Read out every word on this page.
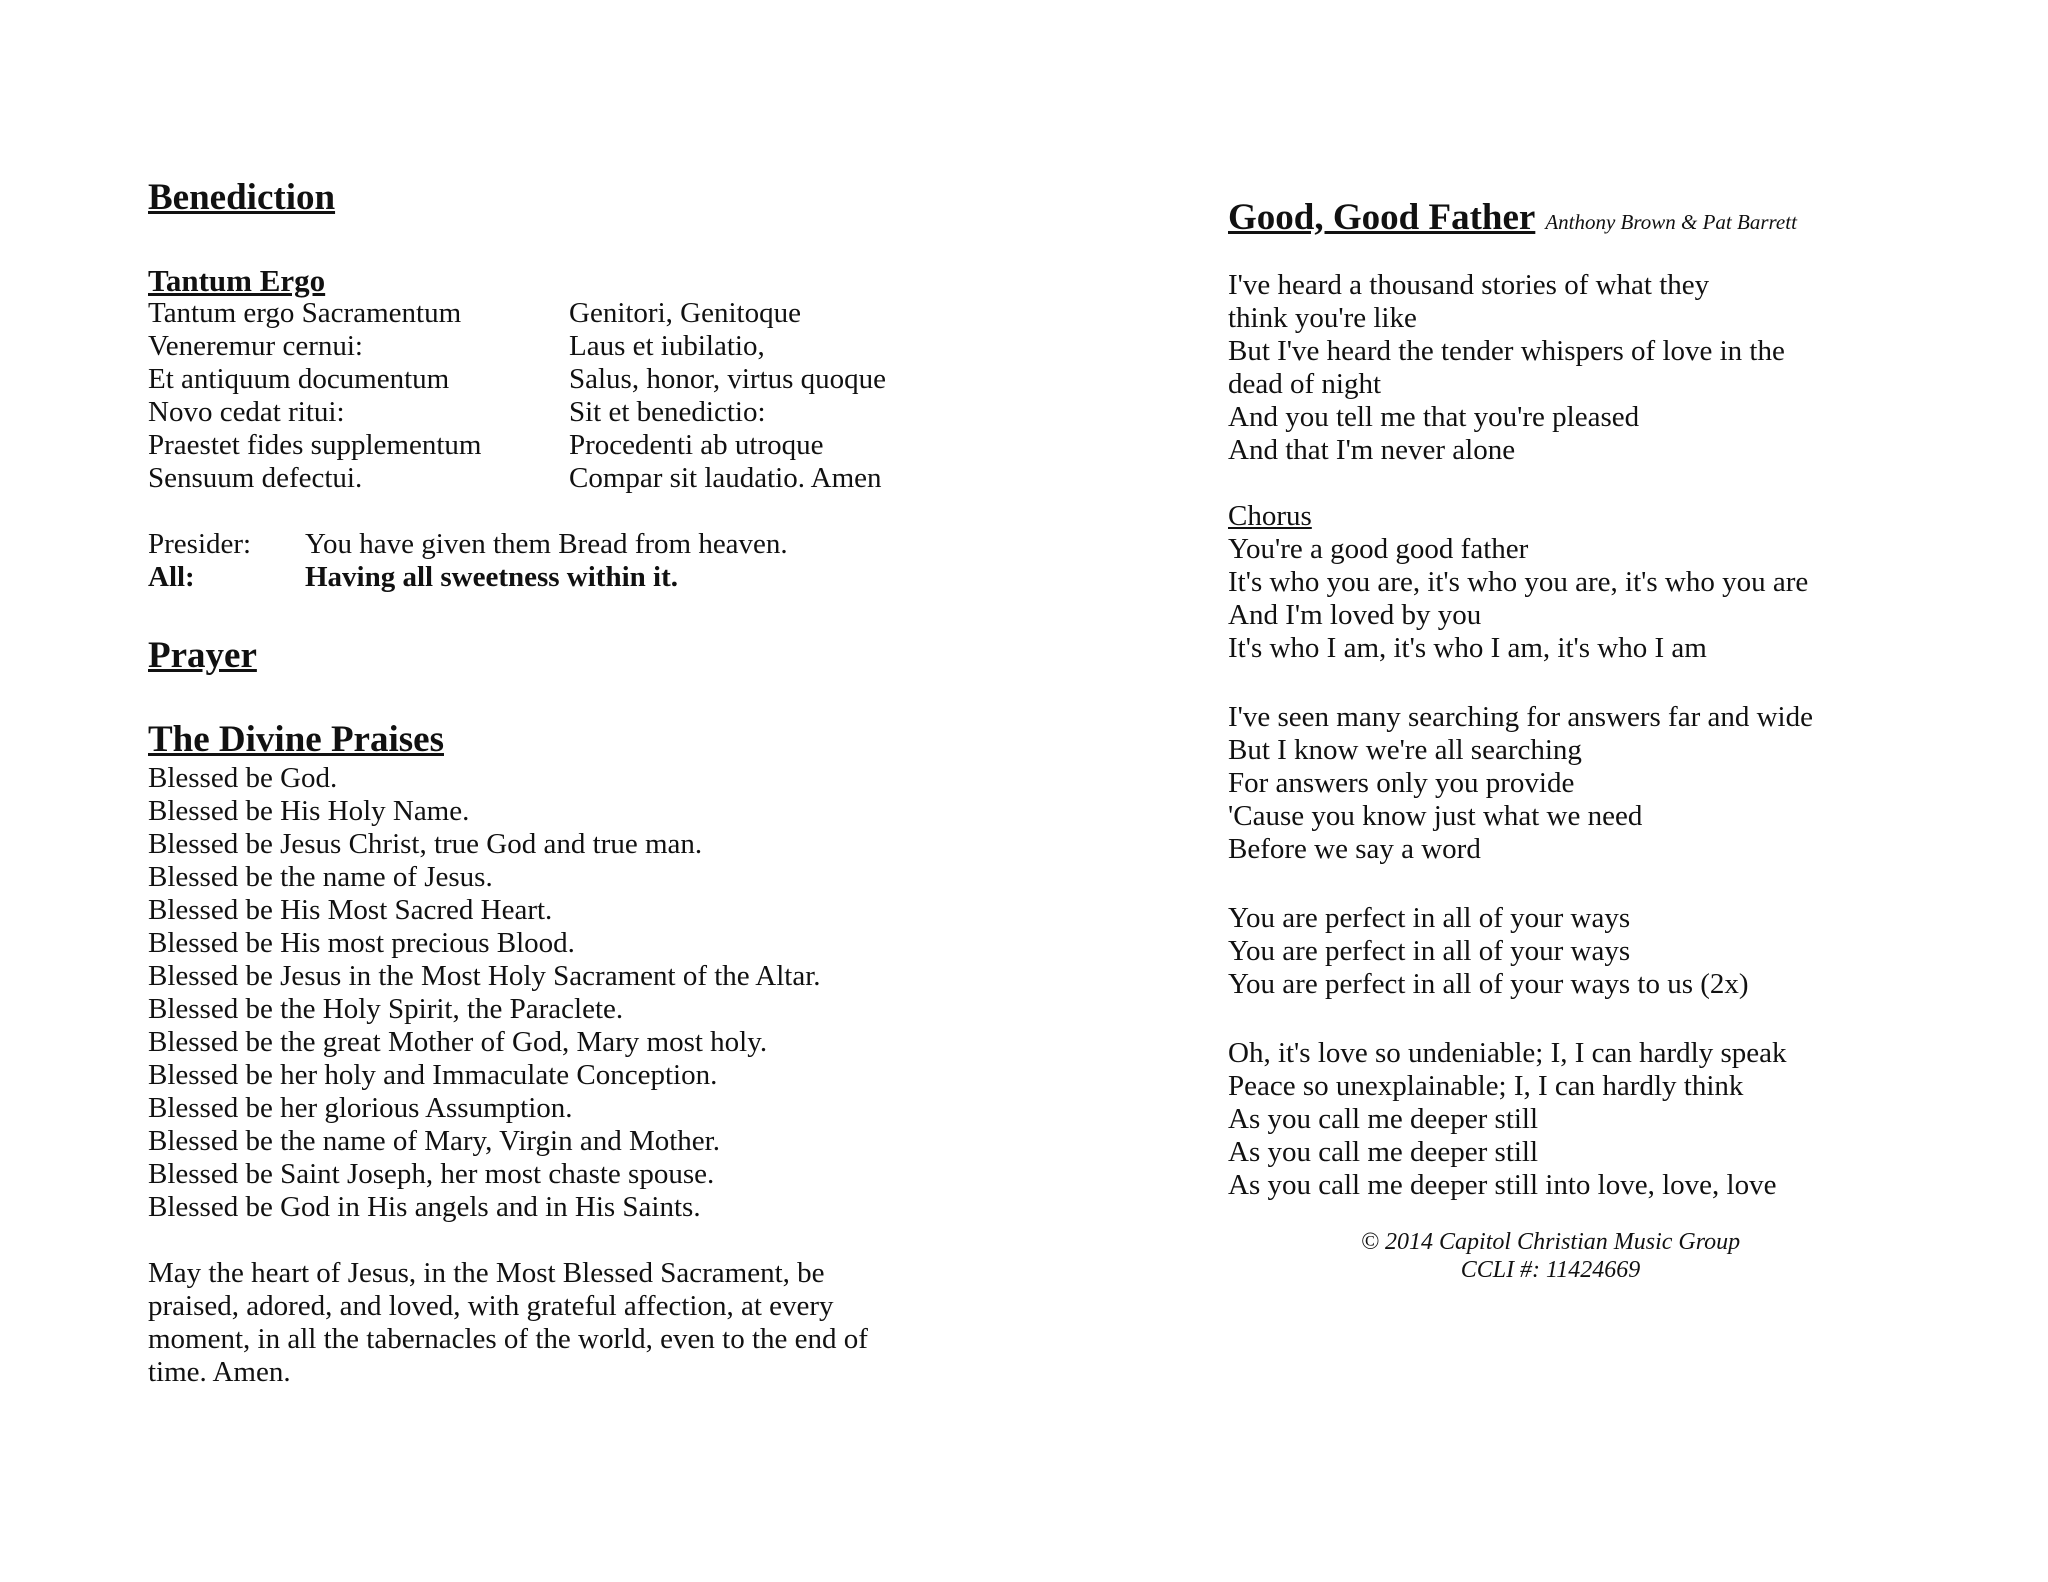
Benediction
Tantum Ergo
Tantum ergo Sacramentum
Veneremur cernui:
Et antiquum documentum
Novo cedat ritui:
Praestet fides supplementum
Sensuum defectui.
Genitori, Genitoque
Laus et iubilatio,
Salus, honor, virtus quoque
Sit et benedictio:
Procedenti ab utroque
Compar sit laudatio. Amen
Presider:	You have given them Bread from heaven.
All:	Having all sweetness within it.
Prayer
The Divine Praises
Blessed be God.
Blessed be His Holy Name.
Blessed be Jesus Christ, true God and true man.
Blessed be the name of Jesus.
Blessed be His Most Sacred Heart.
Blessed be His most precious Blood.
Blessed be Jesus in the Most Holy Sacrament of the Altar.
Blessed be the Holy Spirit, the Paraclete.
Blessed be the great Mother of God, Mary most holy.
Blessed be her holy and Immaculate Conception.
Blessed be her glorious Assumption.
Blessed be the name of Mary, Virgin and Mother.
Blessed be Saint Joseph, her most chaste spouse.
Blessed be God in His angels and in His Saints.
May the heart of Jesus, in the Most Blessed Sacrament, be
praised, adored, and loved, with grateful affection, at every
moment, in all the tabernacles of the world, even to the end of
time. Amen.
Good, Good Father Anthony Brown & Pat Barrett
I've heard a thousand stories of what they
think you're like
But I've heard the tender whispers of love in the
dead of night
And you tell me that you're pleased
And that I'm never alone
Chorus
You're a good good father
It's who you are, it's who you are, it's who you are
And I'm loved by you
It's who I am, it's who I am, it's who I am
I've seen many searching for answers far and wide
But I know we're all searching
For answers only you provide
'Cause you know just what we need
Before we say a word
You are perfect in all of your ways
You are perfect in all of your ways
You are perfect in all of your ways to us (2x)
Oh, it's love so undeniable; I, I can hardly speak
Peace so unexplainable; I, I can hardly think
As you call me deeper still
As you call me deeper still
As you call me deeper still into love, love, love
© 2014 Capitol Christian Music Group
CCLI #: 11424669
